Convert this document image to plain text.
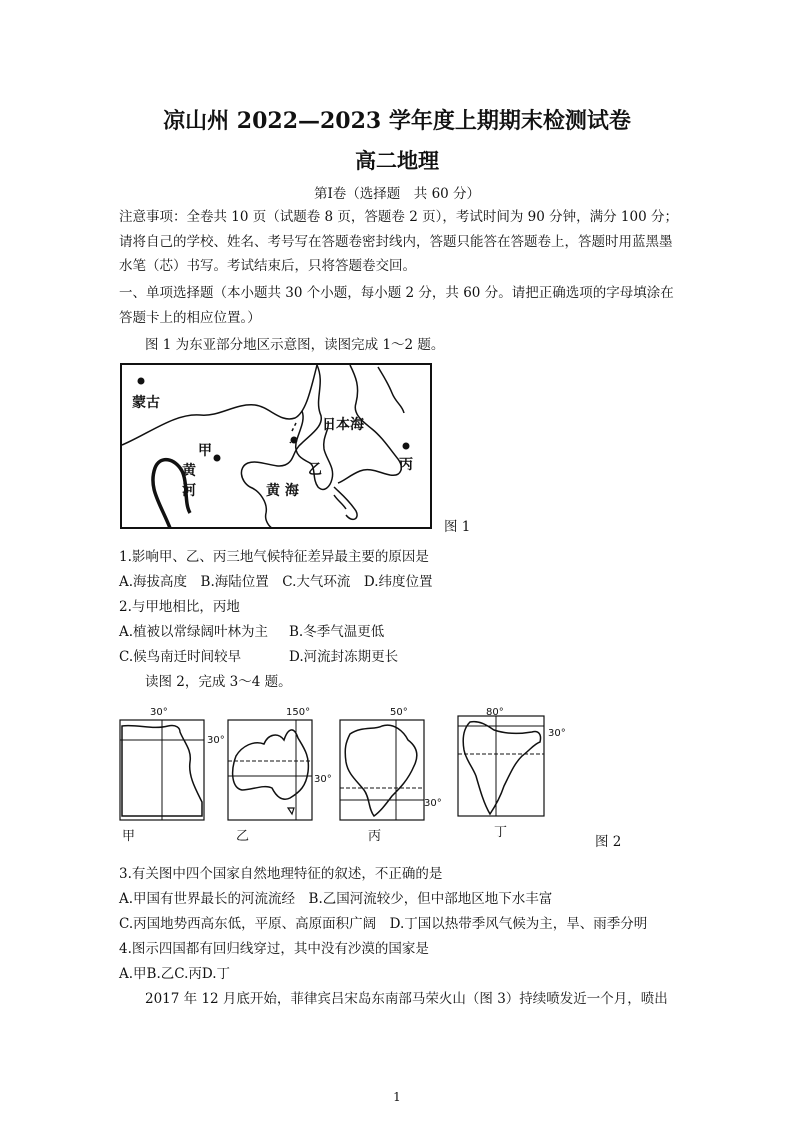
凉山州 2022—2023 学年度上期期末检测试卷
高二地理
第Ⅰ卷（选择题　共 60 分）
注意事项：全卷共 10 页（试题卷 8 页，答题卷 2 页），考试时间为 90 分钟，满分 100 分；请将自己的学校、姓名、考号写在答题卷密封线内，答题只能答在答题卷上，答题时用蓝黑墨水笔（芯）书写。考试结束后，只将答题卷交回。
一、单项选择题（本小题共 30 个小题，每小题 2 分，共 60 分。请把正确选项的字母填涂在答题卡上的相应位置。）
图 1 为东亚部分地区示意图，读图完成 1～2 题。
蒙古
甲
黄
河
日本海
乙	丙
黄 海
图 1
1.影响甲、乙、丙三地气候特征差异最主要的原因是
A.海拔高度　B.海陆位置　C.大气环流　D.纬度位置
2.与甲地相比，丙地
A.植被以常绿阔叶林为主 B.冬季气温更低
C.候鸟南迁时间较早	D.河流封冻期更长
读图 2，完成 3～4 题。
30°
30°
甲
150°
30°
乙
50°
30°
丙
80°
30°
丁
图 2
3.有关图中四个国家自然地理特征的叙述，不正确的是
A.甲国有世界最长的河流流经　B.乙国河流较少，但中部地区地下水丰富
C.丙国地势西高东低，平原、高原面积广阔　D.丁国以热带季风气候为主，旱、雨季分明
4.图示四国都有回归线穿过，其中没有沙漠的国家是
A.甲B.乙C.丙D.丁
2017 年 12 月底开始，菲律宾吕宋岛东南部马荣火山（图 3）持续喷发近一个月，喷出
1
